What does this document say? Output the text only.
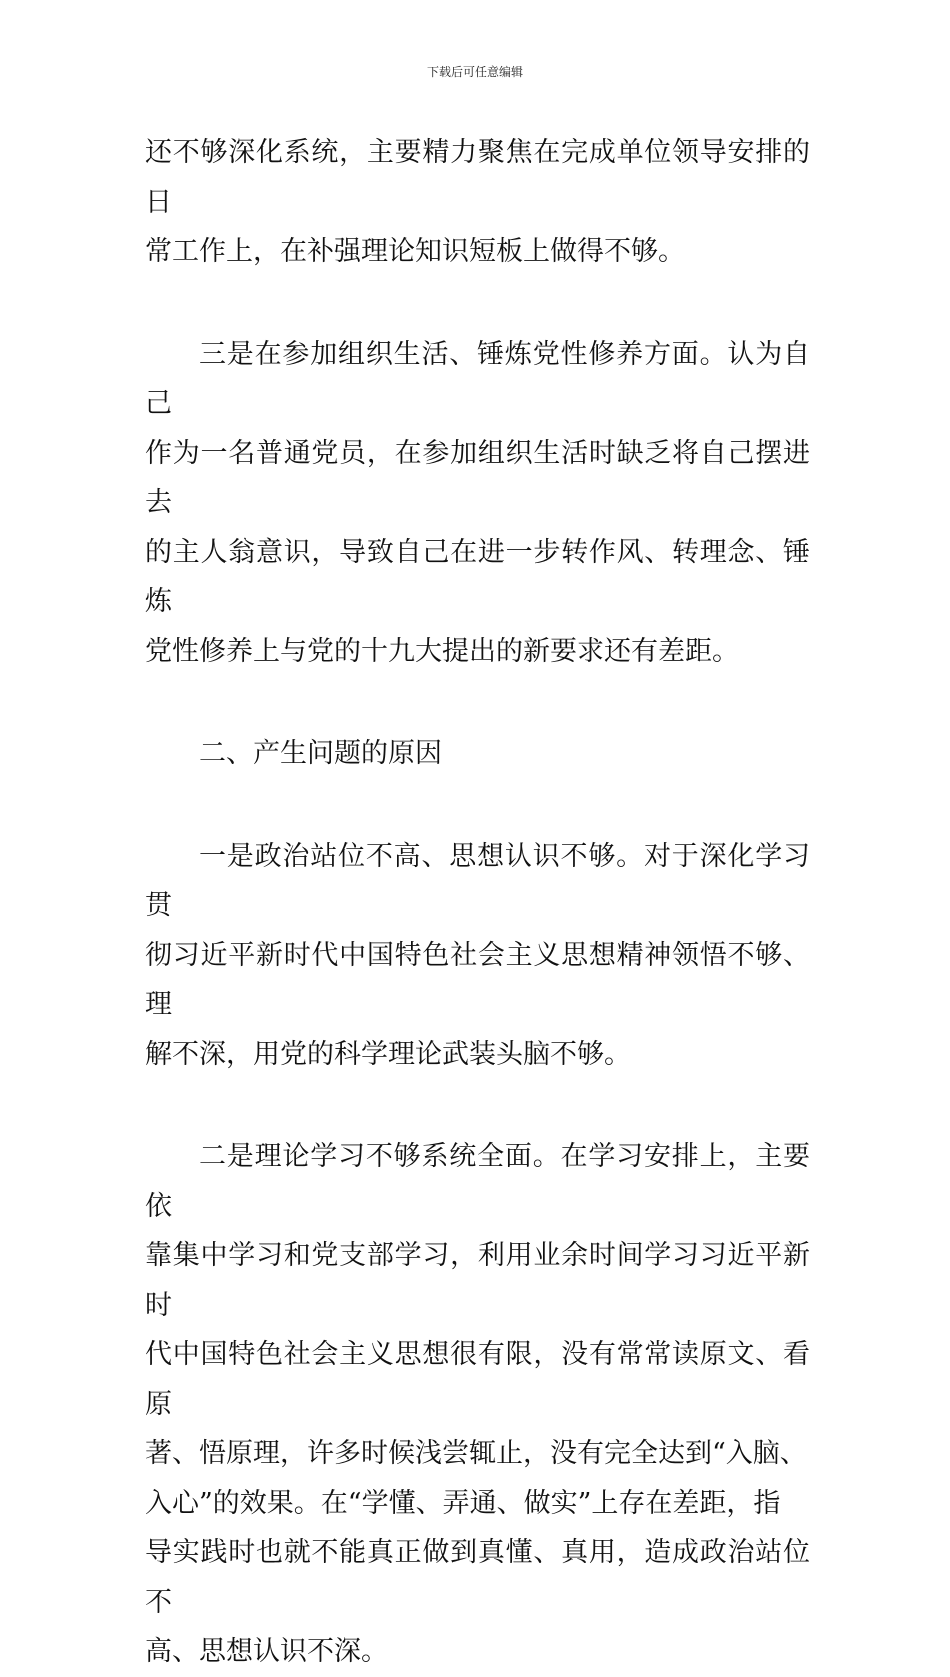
下载后可任意编辑

还不够深化系统，主要精力聚焦在完成单位领导安排的日
常工作上，在补强理论知识短板上做得不够。

三是在参加组织生活、锤炼党性修养方面。认为自己
作为一名普通党员，在参加组织生活时缺乏将自己摆进去
的主人翁意识，导致自己在进一步转作风、转理念、锤炼
党性修养上与党的十九大提出的新要求还有差距。

二、产生问题的原因

一是政治站位不高、思想认识不够。对于深化学习贯
彻习近平新时代中国特色社会主义思想精神领悟不够、理
解不深，用党的科学理论武装头脑不够。

二是理论学习不够系统全面。在学习安排上，主要依
靠集中学习和党支部学习，利用业余时间学习习近平新时
代中国特色社会主义思想很有限，没有常常读原文、看原
著、悟原理，许多时候浅尝辄止，没有完全达到“入脑、
入心”的效果。在“学懂、弄通、做实”上存在差距，指
导实践时也就不能真正做到真懂、真用，造成政治站位不
高、思想认识不深。
